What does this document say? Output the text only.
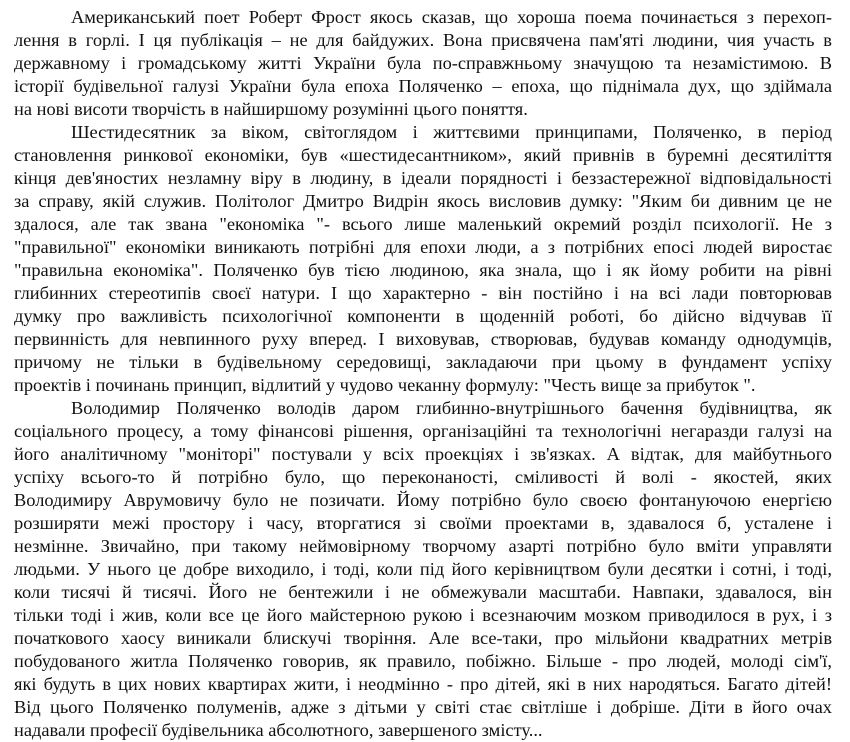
Американський поет Роберт Фрост якось сказав, що хороша поема починається з перехоп-
лення в горлі. І ця публікація – не для байдужих. Вона присвячена пам'яті людини, чия участь в
державному і громадському житті України була по-справжньому значущою та незамістимою. В
історії будівельної галузі України була епоха Поляченко – епоха, що піднімала дух, що здіймала
на нові висоти творчість в найширшому розумінні цього поняття.
Шестидесятник за віком, світоглядом і життєвими принципами, Поляченко, в період
становлення ринкової економіки, був «шестидесантником», який привнів в буремні десятиліття
кінця дев'яностих незламну віру в людину, в ідеали порядності і беззастережної відповідальності
за справу, якій служив. Політолог Дмитро Видрін якось висловив думку: "Яким би дивним це не
здалося, але так звана "економіка "- всього лише маленький окремий розділ психології. Не з
"правильної" економіки виникають потрібні для епохи люди, а з потрібних епосі людей виростає
"правильна економіка". Поляченко був тією людиною, яка знала, що і як йому робити на рівні
глибинних стереотипів своєї натури. І що характерно - він постійно і на всі лади повторював
думку про важливість психологічної компоненти в щоденній роботі, бо дійсно відчував її
первинність для невпинного руху вперед. І виховував, створював, будував команду однодумців,
причому не тільки в будівельному середовищі, закладаючи при цьому в фундамент успіху
проектів і починань принцип, відлитий у чудово чеканну формулу: "Честь вище за прибуток ".
Володимир Поляченко володів даром глибинно-внутрішнього бачення будівництва, як
соціального процесу, а тому фінансові рішення, організаційні та технологічні негаразди галузі на
його аналітичному "моніторі" постували у всіх проекціях і зв'язках. А відтак, для майбутнього
успіху всього-то й потрібно було, що переконаності, сміливості й волі - якостей, яких
Володимиру Аврумовичу було не позичати. Йому потрібно було своєю фонтануючою енергією
розширяти межі простору і часу, вторгатися зі своїми проектами в, здавалося б, усталене і
незмінне. Звичайно, при такому неймовірному творчому азарті потрібно було вміти управляти
людьми. У нього це добре виходило, і тоді, коли під його керівництвом були десятки і сотні, і тоді,
коли тисячі й тисячі. Його не бентежили і не обмежували масштаби. Навпаки, здавалося, він
тільки тоді і жив, коли все це його майстерною рукою і всезнаючим мозком приводилося в рух, і з
початкового хаосу виникали блискучі творіння. Але все-таки, про мільйони квадратних метрів
побудованого житла Поляченко говорив, як правило, побіжно. Більше - про людей, молоді сім'ї,
які будуть в цих нових квартирах жити, і неодмінно - про дітей, які в них народяться. Багато дітей!
Від цього Поляченко полуменів, адже з дітьми у світі стає світліше і добріше. Діти в його очах
надавали професії будівельника абсолютного, завершеного змісту...
